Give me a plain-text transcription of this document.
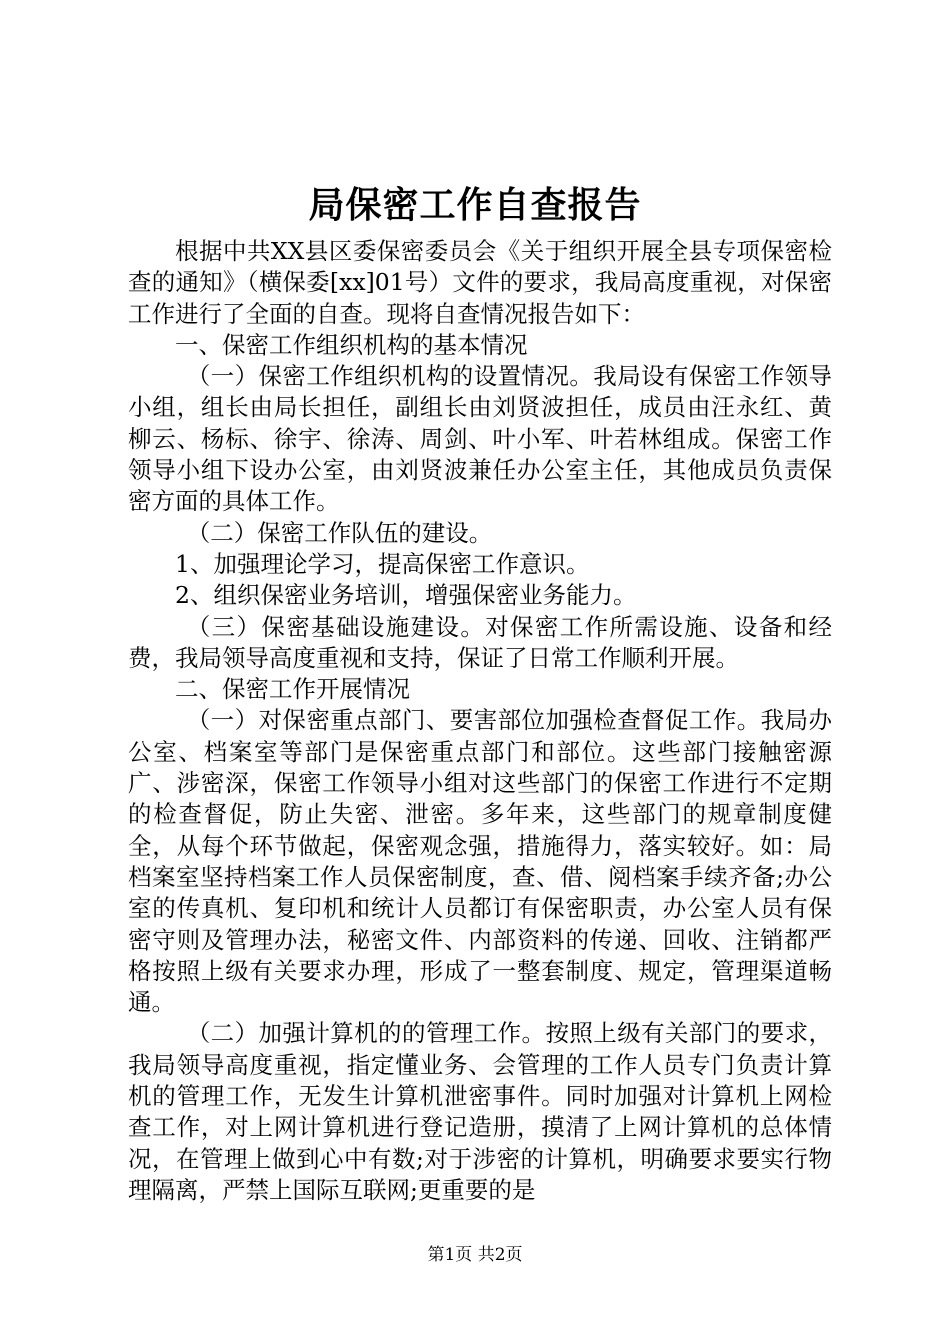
局保密工作自查报告

根据中共XX县区委保密委员会《关于组织开展全县专项保密检查的通知》（横保委[xx]01号）文件的要求，我局高度重视，对保密工作进行了全面的自查。现将自查情况报告如下：

一、保密工作组织机构的基本情况

（一）保密工作组织机构的设置情况。我局设有保密工作领导小组，组长由局长担任，副组长由刘贤波担任，成员由汪永红、黄柳云、杨标、徐宇、徐涛、周剑、叶小军、叶若林组成。保密工作领导小组下设办公室，由刘贤波兼任办公室主任，其他成员负责保密方面的具体工作。

（二）保密工作队伍的建设。

1、加强理论学习，提高保密工作意识。

2、组织保密业务培训，增强保密业务能力。

（三）保密基础设施建设。对保密工作所需设施、设备和经费，我局领导高度重视和支持，保证了日常工作顺利开展。

二、保密工作开展情况

（一）对保密重点部门、要害部位加强检查督促工作。我局办公室、档案室等部门是保密重点部门和部位。这些部门接触密源广、涉密深，保密工作领导小组对这些部门的保密工作进行不定期的检查督促，防止失密、泄密。多年来，这些部门的规章制度健全，从每个环节做起，保密观念强，措施得力，落实较好。如：局档案室坚持档案工作人员保密制度，查、借、阅档案手续齐备;办公室的传真机、复印机和统计人员都订有保密职责，办公室人员有保密守则及管理办法，秘密文件、内部资料的传递、回收、注销都严格按照上级有关要求办理，形成了一整套制度、规定，管理渠道畅通。

（二）加强计算机的的管理工作。按照上级有关部门的要求，我局领导高度重视，指定懂业务、会管理的工作人员专门负责计算机的管理工作，无发生计算机泄密事件。同时加强对计算机上网检查工作，对上网计算机进行登记造册，摸清了上网计算机的总体情况，在管理上做到心中有数;对于涉密的计算机，明确要求要实行物理隔离，严禁上国际互联网;更重要的是

第1页 共2页
